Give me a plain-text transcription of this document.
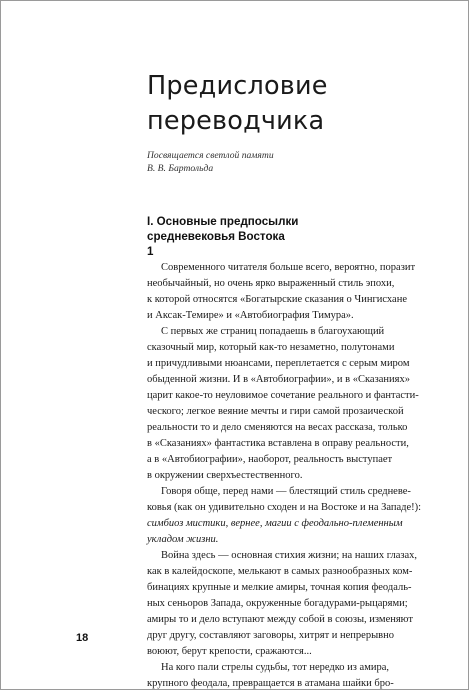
Предисловие
переводчика
Посвящается светлой памяти
В. В. Бартольда
I. Основные предпосылки
средневековья Востока
1
Современного читателя больше всего, вероятно, поразит
необычайный, но очень ярко выраженный стиль эпохи,
к которой относятся «Богатырские сказания о Чингисхане
и Аксак-Темире» и «Автобиография Тимура».
С первых же страниц попадаешь в благоухающий
сказочный мир, который как-то незаметно, полутонами
и причудливыми нюансами, переплетается с серым миром
обыденной жизни. И в «Автобиографии», и в «Сказаниях»
царит какое-то неуловимое сочетание реального и фантасти-
ческого; легкое веяние мечты и гири самой прозаической
реальности то и дело сменяются на весах рассказа, только
в «Сказаниях» фантастика вставлена в оправу реальности,
а в «Автобиографии», наоборот, реальность выступает
в окружении сверхъестественного.
Говоря обще, перед нами — блестящий стиль средневе-
ковья (как он удивительно сходен и на Востоке и на Западе!):
симбиоз мистики, вернее, магии с феодально-племенным
укладом жизни.
Война здесь — основная стихия жизни; на наших глазах,
как в калейдоскопе, мелькают в самых разнообразных ком-
бинациях крупные и мелкие амиры, точная копия феодаль-
ных сеньоров Запада, окруженные богадурами-рыцарями;
амиры то и дело вступают между собой в союзы, изменяют
друг другу, составляют заговоры, хитрят и непрерывно
воюют, берут крепости, сражаются...
На кого пали стрелы судьбы, тот нередко из амира,
крупного феодала, превращается в атамана шайки бро-
18
